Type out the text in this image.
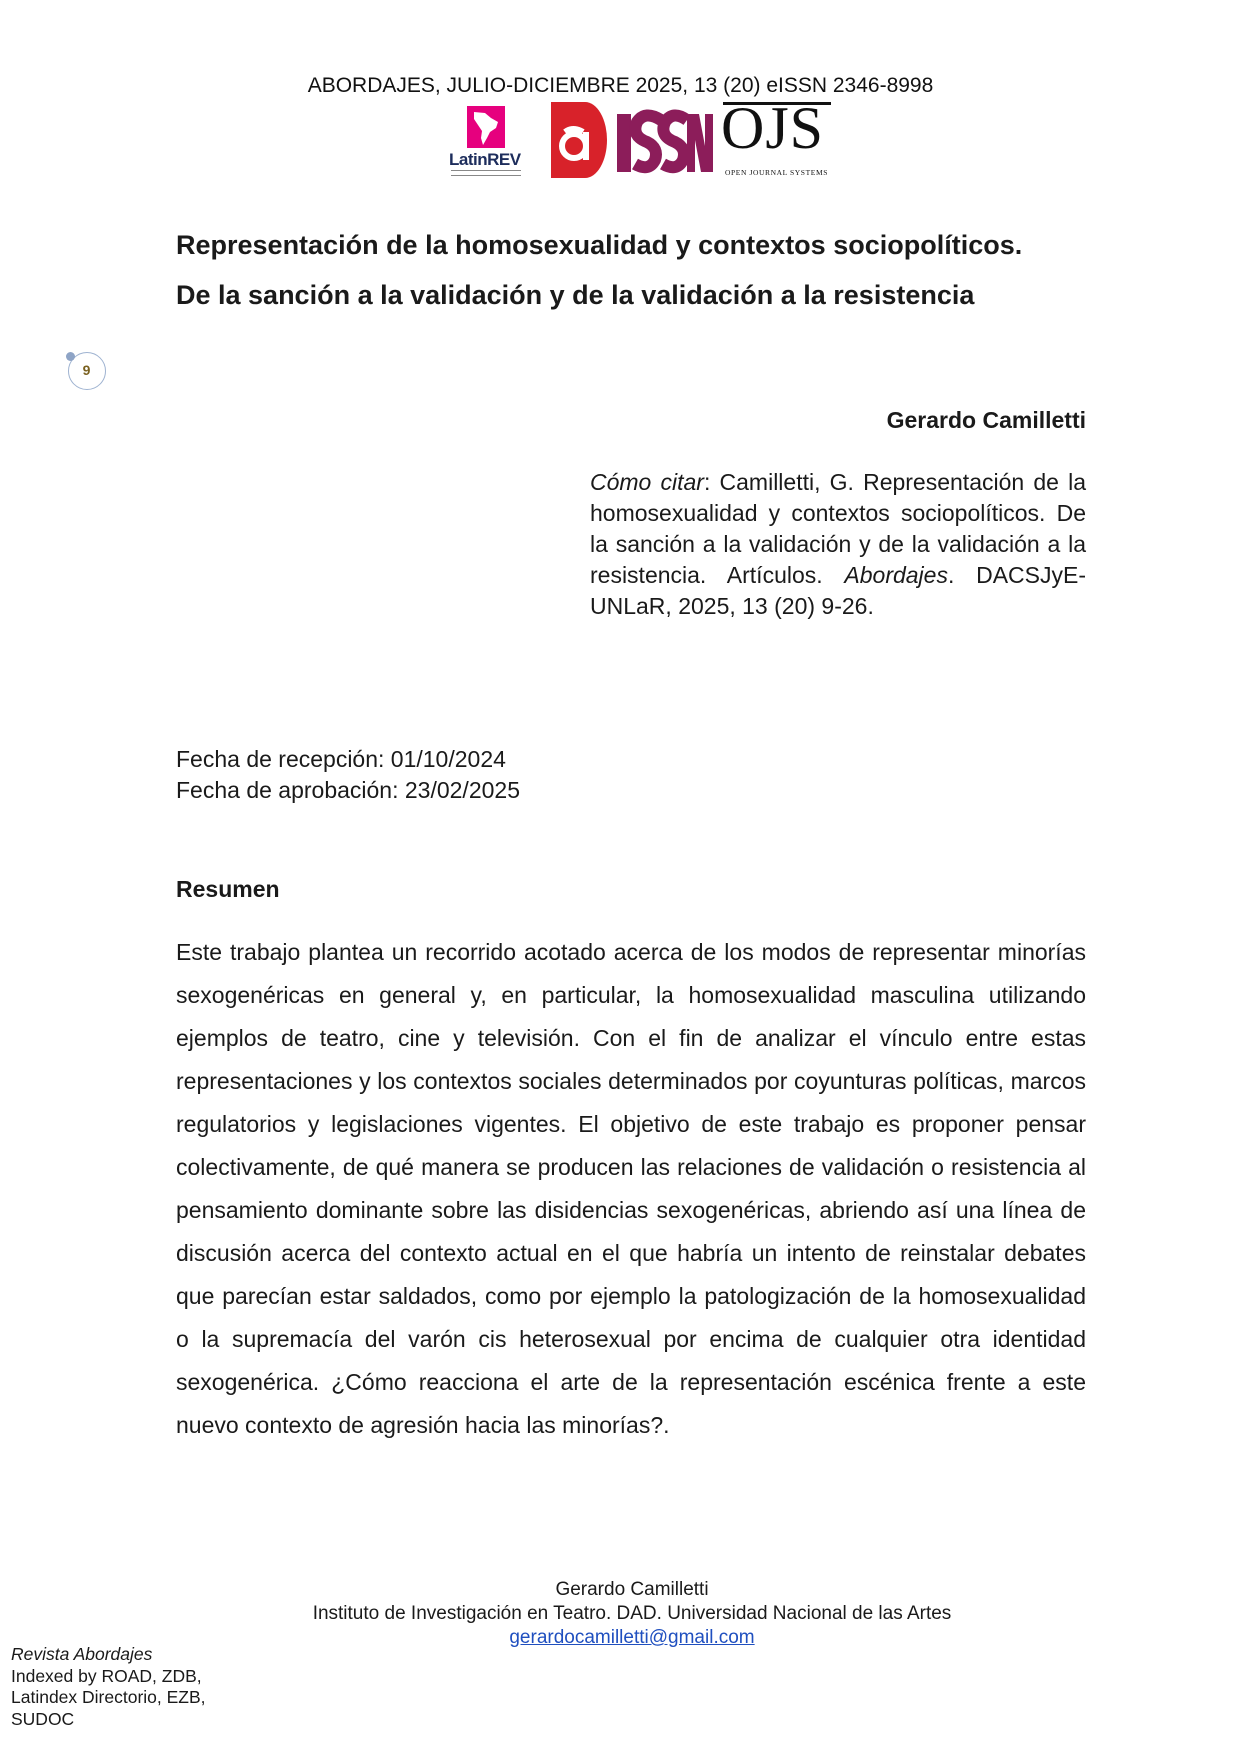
ABORDAJES, JULIO-DICIEMBRE 2025, 13 (20) eISSN 2346-8998
LatinREV	OJS
OPEN JOURNAL SYSTEMS
Representación de la homosexualidad y contextos sociopolíticos.
De la sanción a la validación y de la validación a la resistencia
9
Gerardo Camilletti
Cómo citar: Camilletti, G. Representación de la homosexualidad y contextos sociopolíticos. De la sanción a la validación y de la validación a la resistencia. Artículos. Abordajes. DACSJyE-UNLaR, 2025, 13 (20) 9-26.
Fecha de recepción: 01/10/2024
Fecha de aprobación: 23/02/2025
Resumen
Este trabajo plantea un recorrido acotado acerca de los modos de representar minorías sexogenéricas en general y, en particular, la homosexualidad masculina utilizando ejemplos de teatro, cine y televisión. Con el fin de analizar el vínculo entre estas representaciones y los contextos sociales determinados por coyunturas políticas, marcos regulatorios y legislaciones vigentes. El objetivo de este trabajo es proponer pensar colectivamente, de qué manera se producen las relaciones de validación o resistencia al pensamiento dominante sobre las disidencias sexogenéricas, abriendo así una línea de discusión acerca del contexto actual en el que habría un intento de reinstalar debates que parecían estar saldados, como por ejemplo la patologización de la homosexualidad o la supremacía del varón cis heterosexual por encima de cualquier otra identidad sexogenérica. ¿Cómo reacciona el arte de la representación escénica frente a este nuevo contexto de agresión hacia las minorías?.
Gerardo Camilletti
Instituto de Investigación en Teatro. DAD. Universidad Nacional de las Artes
gerardocamilletti@gmail.com
Revista Abordajes
Indexed by ROAD, ZDB,
Latindex Directorio, EZB,
SUDOC
